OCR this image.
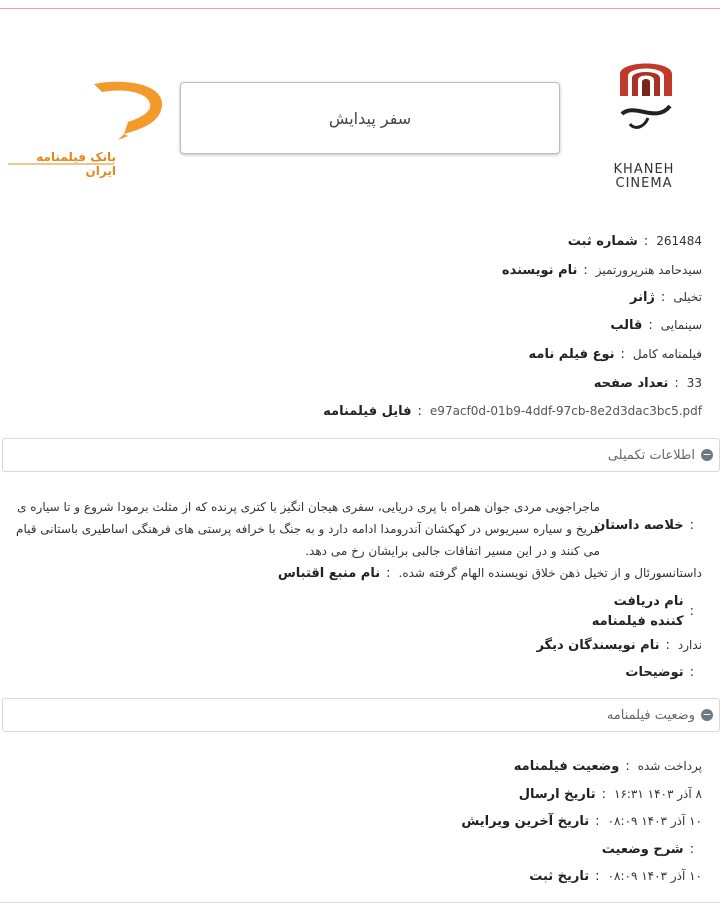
BANK
بانک فیلمنامه ایران
سفر پیدایش
KHANEH CINEMA
شماره ثبت : 261484
نام نویسنده : سیدحامد هنرپرورتمیز
ژانر : تخیلی
قالب : سینمایی
نوع فیلم نامه : فیلمنامه کامل
تعداد صفحه : 33
فایل فیلمنامه : e97acf0d-01b9-4ddf-97cb-8e2d3dac3bc5.pdf
−
اطلاعات تکمیلی
خلاصه داستان :
ماجراجویی مردی جوان همراه با پری دریایی، سفری هیجان انگیز با کتری پرنده که از مثلث برمودا شروع و تا سیاره ی مریخ و سیاره سیریوس در کهکشان آندرومدا ادامه دارد و به جنگ با خرافه پرستی های فرهنگی اساطیری باستانی قیام می کنند و در این مسیر اتفاقات جالبی برایشان رخ می دهد.
نام منبع اقتباس : داستانسورئال و از تخیل ذهن خلاق نویسنده الهام گرفته شده.
نام دریافت کننده فیلمنامه
:
نام نویسندگان دیگر : ندارد
توضیحات :
−
وضعیت فیلمنامه
وضعیت فیلمنامه : پرداخت شده
تاریخ ارسال : ۸ آذر ۱۴۰۳ ۱۶:۳۱
تاریخ آخرین ویرایش : ۱۰ آذر ۱۴۰۳ ۰۸:۰۹
شرح وضعیت :
تاریخ ثبت : ۱۰ آذر ۱۴۰۳ ۰۸:۰۹
